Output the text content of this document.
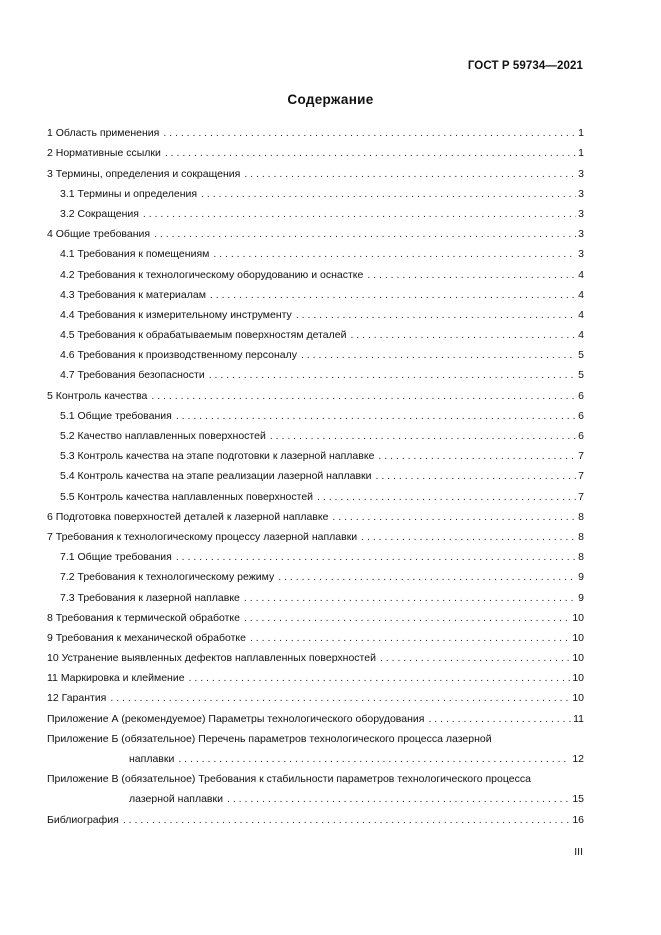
ГОСТ Р 59734—2021
Содержание
1 Область применения . . .	1
2 Нормативные ссылки . . .	1
3 Термины, определения и сокращения . . .	3
3.1 Термины и определения . . .	3
3.2 Сокращения . . .	3
4 Общие требования . . .	3
4.1 Требования к помещениям . . .	3
4.2 Требования к технологическому оборудованию и оснастке . . .	4
4.3 Требования к материалам . . .	4
4.4 Требования к измерительному инструменту . . .	4
4.5 Требования к обрабатываемым поверхностям деталей . . .	4
4.6 Требования к производственному персоналу . . .	5
4.7 Требования безопасности . . .	5
5 Контроль качества . . .	6
5.1 Общие требования . . .	6
5.2 Качество наплавленных поверхностей . . .	6
5.3 Контроль качества на этапе подготовки к лазерной наплавке . . .	7
5.4 Контроль качества на этапе реализации лазерной наплавки . . .	7
5.5 Контроль качества наплавленных поверхностей . . .	7
6 Подготовка поверхностей деталей к лазерной наплавке . . .	8
7 Требования к технологическому процессу лазерной наплавки . . .	8
7.1 Общие требования . . .	8
7.2 Требования к технологическому режиму . . .	9
7.3 Требования к лазерной наплавке . . .	9
8 Требования к термической обработке . . .	10
9 Требования к механической обработке . . .	10
10 Устранение выявленных дефектов наплавленных поверхностей . . .	10
11 Маркировка и клеймение . . .	10
12 Гарантия . . .	10
Приложение А (рекомендуемое) Параметры технологического оборудования . . .	11
Приложение Б (обязательное) Перечень параметров технологического процесса лазерной
наплавки . . .	12
Приложение В (обязательное) Требования к стабильности параметров технологического процесса
лазерной наплавки . . .	15
Библиография . . .	16
III
